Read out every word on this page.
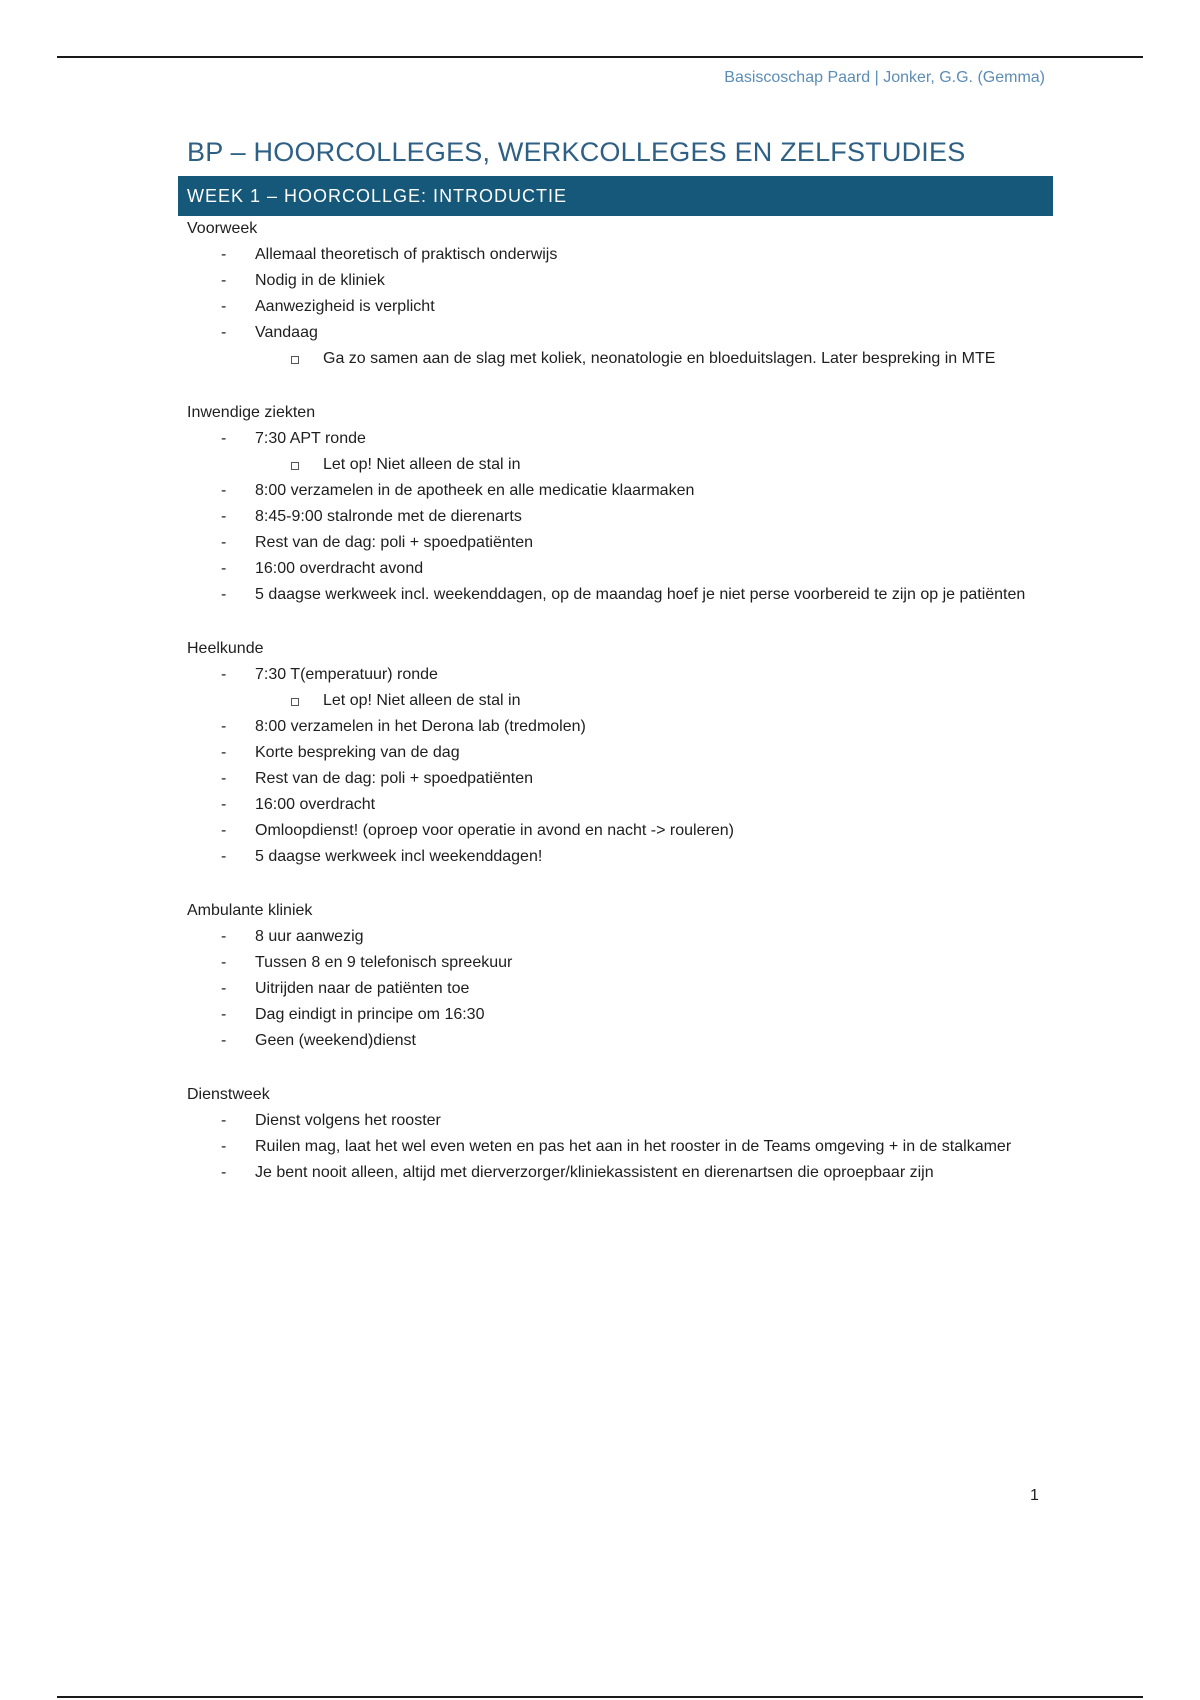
Basiscoschap Paard | Jonker, G.G. (Gemma)
BP – HOORCOLLEGES, WERKCOLLEGES EN ZELFSTUDIES
WEEK 1 – HOORCOLLGE: INTRODUCTIE
Voorweek
- Allemaal theoretisch of praktisch onderwijs
- Nodig in de kliniek
- Aanwezigheid is verplicht
- Vandaag
Ga zo samen aan de slag met koliek, neonatologie en bloeduitslagen. Later bespreking in MTE
Inwendige ziekten
- 7:30 APT ronde
Let op! Niet alleen de stal in
- 8:00 verzamelen in de apotheek en alle medicatie klaarmaken
- 8:45-9:00 stalronde met de dierenarts
- Rest van de dag: poli + spoedpatiënten
- 16:00 overdracht avond
- 5 daagse werkweek incl. weekenddagen, op de maandag hoef je niet perse voorbereid te zijn op je patiënten
Heelkunde
- 7:30 T(emperatuur) ronde
Let op! Niet alleen de stal in
- 8:00 verzamelen in het Derona lab (tredmolen)
- Korte bespreking van de dag
- Rest van de dag: poli + spoedpatiënten
- 16:00 overdracht
- Omloopdienst! (oproep voor operatie in avond en nacht -> rouleren)
- 5 daagse werkweek incl weekenddagen!
Ambulante kliniek
- 8 uur aanwezig
- Tussen 8 en 9 telefonisch spreekuur
- Uitrijden naar de patiënten toe
- Dag eindigt in principe om 16:30
- Geen (weekend)dienst
Dienstweek
- Dienst volgens het rooster
- Ruilen mag, laat het wel even weten en pas het aan in het rooster in de Teams omgeving + in de stalkamer
- Je bent nooit alleen, altijd met dierverzorger/kliniekassistent en dierenartsen die oproepbaar zijn
1
